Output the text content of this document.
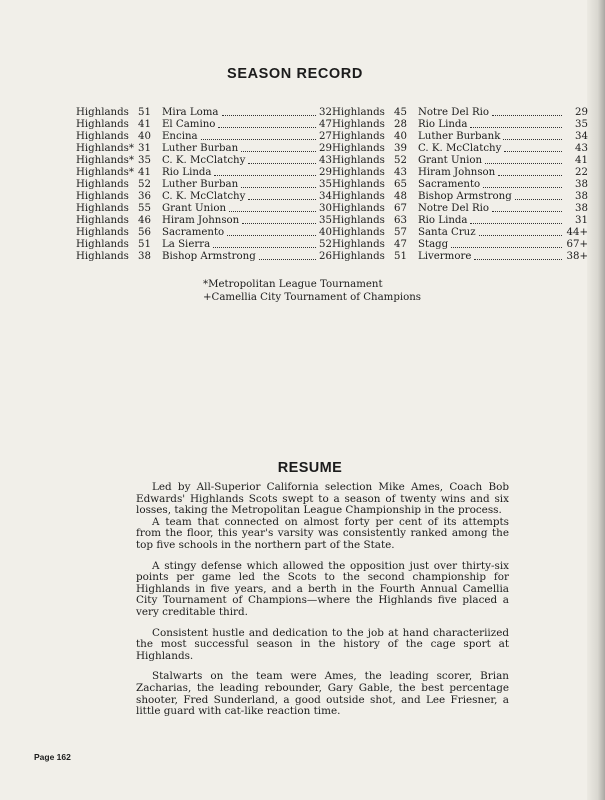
SEASON RECORD
Highlands 51	Mira Loma	32
Highlands 41	El Camino	47
Highlands 40	Encina	27
Highlands* 31	Luther Burban	29
Highlands* 35	C. K. McClatchy	43
Highlands* 41	Rio Linda	29
Highlands 52	Luther Burban	35
Highlands 36	C. K. McClatchy	34
Highlands 55	Grant Union	30
Highlands 46	Hiram Johnson	35
Highlands 56	Sacramento	40
Highlands 51	La Sierra	52
Highlands 38	Bishop Armstrong	26
Highlands 45	Notre Del Rio	29
Highlands 28	Rio Linda	35
Highlands 40	Luther Burbank	34
Highlands 39	C. K. McClatchy	43
Highlands 52	Grant Union	41
Highlands 43	Hiram Johnson	22
Highlands 65	Sacramento	38
Highlands 48	Bishop Armstrong	38
Highlands 67	Notre Del Rio	38
Highlands 63	Rio Linda	31
Highlands 57	Santa Cruz	44+
Highlands 47	Stagg	67+
Highlands 51	Livermore	38+
*Metropolitan League Tournament
+Camellia City Tournament of Champions
RESUME

Led by All-Superior California selection Mike Ames, Coach Bob Edwards' Highlands Scots swept to a season of twenty wins and six losses, taking the Metropolitan League Championship in the process.

A team that connected on almost forty per cent of its attempts from the floor, this year's varsity was consistently ranked among the top five schools in the northern part of the State.

A stingy defense which allowed the opposition just over thirty-six points per game led the Scots to the second championship for Highlands in five years, and a berth in the Fourth Annual Camellia City Tournament of Champions—where the Highlands five placed a very creditable third.

Consistent hustle and dedication to the job at hand characteriized the most successful season in the history of the cage sport at Highlands.

Stalwarts on the team were Ames, the leading scorer, Brian Zacharias, the leading rebounder, Gary Gable, the best percentage shooter, Fred Sunderland, a good outside shot, and Lee Friesner, a little guard with cat-like reaction time.

Page 162
